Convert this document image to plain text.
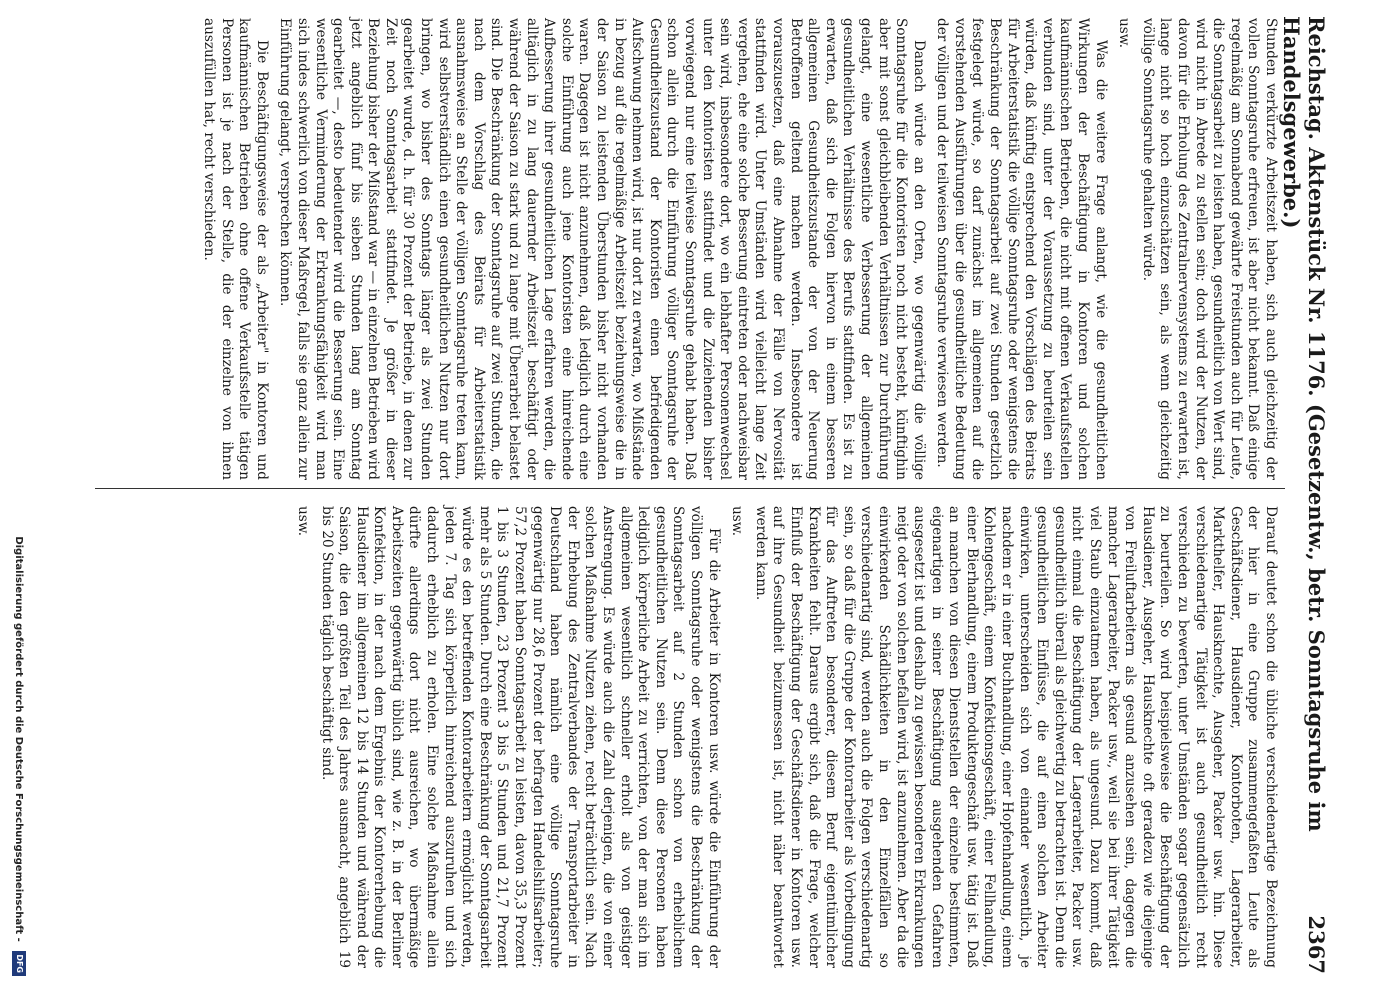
Reichstag. Aktenstück Nr. 1176. (Gesetzentw., betr. Sonntagsruhe im Handelsgewerbe.)
2367

Stunden verkürzte Arbeitszeit haben, sich auch gleichzeitig der vollen Sonntagsruhe erfreuen, ist aber nicht bekannt. Daß einige regelmäßig am Sonnabend gewährte Freistunden auch für Leute, die Sonntagsarbeit zu leisten haben, gesundheitlich von Wert sind, wird nicht in Abrede zu stellen sein; doch wird der Nutzen, der davon für die Erholung des Zentralnervensystems zu erwarten ist, lange nicht so hoch einzuschätzen sein, als wenn gleichzeitig völlige Sonntagsruhe gehalten würde.

usw.

Was die weitere Frage anlangt, wie die gesundheitlichen Wirkungen der Beschäftigung in Kontoren und solchen kaufmännischen Betrieben, die nicht mit offenen Verkaufsstellen verbunden sind, unter der Voraussetzung zu beurteilen sein würden, daß künftig entsprechend den Vorschlägen des Beirats für Arbeiterstatistik die völlige Sonntagsruhe oder wenigstens die Beschränkung der Sonntagsarbeit auf zwei Stunden gesetzlich festgelegt würde, so darf zunächst im allgemeinen auf die vorstehenden Ausführungen über die gesundheitliche Bedeutung der völligen und der teilweisen Sonntagsruhe verwiesen werden.

Danach würde an den Orten, wo gegenwärtig die völlige Sonntagsruhe für die Kontoristen noch nicht besteht, künftighin aber mit sonst gleichbleibenden Verhältnissen zur Durchführung gelangt, eine wesentliche Verbesserung der allgemeinen gesundheitlichen Verhältnisse des Berufs stattfinden. Es ist zu erwarten, daß sich die Folgen hiervon in einem besseren allgemeinen Gesundheitszustande der von der Neuerung Betroffenen geltend machen werden. Insbesondere ist vorauszusetzen, daß eine Abnahme der Fälle von Nervosität stattfinden wird. Unter Umständen wird vielleicht lange Zeit vergehen, ehe eine solche Besserung eintreten oder nachweisbar sein wird, insbesondere dort, wo ein lebhafter Personenwechsel unter den Kontoristen stattfindet und die Zuziehenden bisher vorwiegend nur eine teilweise Sonntagsruhe gehabt haben. Daß schon allein durch die Einführung völliger Sonntagsruhe der Gesundheitszustand der Kontoristen einen befriedigenden Aufschwung nehmen wird, ist nur dort zu erwarten, wo Mißstände in bezug auf die regelmäßige Arbeitszeit beziehungsweise die in der Saison zu leistenden Überstunden bisher nicht vorhanden waren. Dagegen ist nicht anzunehmen, daß lediglich durch eine solche Einführung auch jene Kontoristen eine hinreichende Aufbesserung ihrer gesundheitlichen Lage erfahren werden, die alltäglich in zu lang dauernder Arbeitszeit beschäftigt oder während der Saison zu stark und zu lange mit Überarbeit belastet sind. Die Beschränkung der Sonntagsruhe auf zwei Stunden, die nach dem Vorschlag des Beirats für Arbeiterstatistik ausnahmsweise an Stelle der völligen Sonntagsruhe treten kann, wird selbstverständlich einen gesundheitlichen Nutzen nur dort bringen, wo bisher des Sonntags länger als zwei Stunden gearbeitet wurde, d. h. für 30 Prozent der Betriebe, in denen zur Zeit noch Sonntagsarbeit stattfindet. Je größer in dieser Beziehung bisher der Mißstand war — in einzelnen Betrieben wird jetzt angeblich fünf bis sieben Stunden lang am Sonntag gearbeitet —, desto bedeutender wird die Besserung sein. Eine wesentliche Verminderung der Erkrankungsfähigkeit wird man sich indes schwerlich von dieser Maßregel, falls sie ganz allein zur Einführung gelangt, versprechen können.

Die Beschäftigungsweise der als „Arbeiter" in Kontoren und kaufmännischen Betrieben ohne offene Verkaufsstelle tätigen Personen ist je nach der Stelle, die der einzelne von ihnen auszufüllen hat, recht verschieden.

Darauf deutet schon die übliche verschiedenartige Bezeichnung der hier in eine Gruppe zusammengefaßten Leute als Geschäftsdiener, Hausdiener, Kontorboten, Lagerarbeiter, Markthelfer, Hausknechte, Ausgeher, Packer usw. hin. Diese verschiedenartige Tätigkeit ist auch gesundheitlich recht verschieden zu bewerten, unter Umständen sogar gegensätzlich zu beurteilen. So wird beispielsweise die Beschäftigung der Hausdiener, Ausgeher, Hausknechte oft geradezu wie diejenige von Freiluftarbeitern als gesund anzusehen sein, dagegen die mancher Lagerarbeiter, Packer usw., weil sie bei ihrer Tätigkeit viel Staub einzuatmen haben, als ungesund. Dazu kommt, daß nicht einmal die Beschäftigung der Lagerarbeiter, Packer usw. gesundheitlich überall als gleichwertig zu betrachten ist. Denn die gesundheitlichen Einflüsse, die auf einen solchen Arbeiter einwirken, unterscheiden sich von einander wesentlich, je nachdem er in einer Buchhandlung, einer Hopfenhandlung, einem Kohlengeschäft, einem Konfektionsgeschäft, einer Fellhandlung, einer Bierhandlung, einem Produktengeschäft usw. tätig ist. Daß an manchen von diesen Dienststellen der einzelne bestimmten, eigenartigen in seiner Beschäftigung ausgehenden Gefahren ausgesetzt ist und deshalb zu gewissen besonderen Erkrankungen neigt oder von solchen befallen wird, ist anzunehmen. Aber da die einwirkenden Schädlichkeiten in den Einzelfällen so verschiedenartig sind, werden auch die Folgen verschiedenartig sein, so daß für die Gruppe der Kontorarbeiter als Vorbedingung für das Auftreten besonderer, diesem Beruf eigentümlicher Krankheiten fehlt. Daraus ergibt sich, daß die Frage, welcher Einfluß der Beschäftigung der Geschäftsdiener in Kontoren usw. auf ihre Gesundheit beizumessen ist, nicht näher beantwortet werden kann.

usw.

Für die Arbeiter in Kontoren usw. würde die Einführung der völligen Sonntagsruhe oder wenigstens die Beschränkung der Sonntagsarbeit auf 2 Stunden schon von erheblichem gesundheitlichen Nutzen sein. Denn diese Personen haben lediglich körperliche Arbeit zu verrichten, von der man sich im allgemeinen wesentlich schneller erholt als von geistiger Anstrengung. Es würde auch die Zahl derjenigen, die von einer solchen Maßnahme Nutzen ziehen, recht beträchtlich sein. Nach der Erhebung des Zentralverbandes der Transportarbeiter in Deutschland haben nämlich eine völlige Sonntagsruhe gegenwärtig nur 28,6 Prozent der befragten Handelshilfsarbeiter; 57,2 Prozent haben Sonntagsarbeit zu leisten, davon 35,3 Prozent 1 bis 3 Stunden, 23 Prozent 3 bis 5 Stunden und 21,7 Prozent mehr als 5 Stunden. Durch eine Beschränkung der Sonntagsarbeit würde es den betreffenden Kontorarbeitern ermöglicht werden, jeden 7. Tag sich körperlich hinreichend auszuruhen und sich dadurch erheblich zu erholen. Eine solche Maßnahme allein dürfte allerdings dort nicht ausreichen, wo übermäßige Arbeitszeiten gegenwärtig üblich sind, wie z. B. in der Berliner Konfektion, in der nach dem Ergebnis der Kontorerhebung die Hausdiener im allgemeinen 12 bis 14 Stunden und während der Saison, die den größten Teil des Jahres ausmacht, angeblich 19 bis 20 Stunden täglich beschäftigt sind.

usw.

Digitalisierung gefördert durch die Deutsche Forschungsgemeinschaft - DFG
